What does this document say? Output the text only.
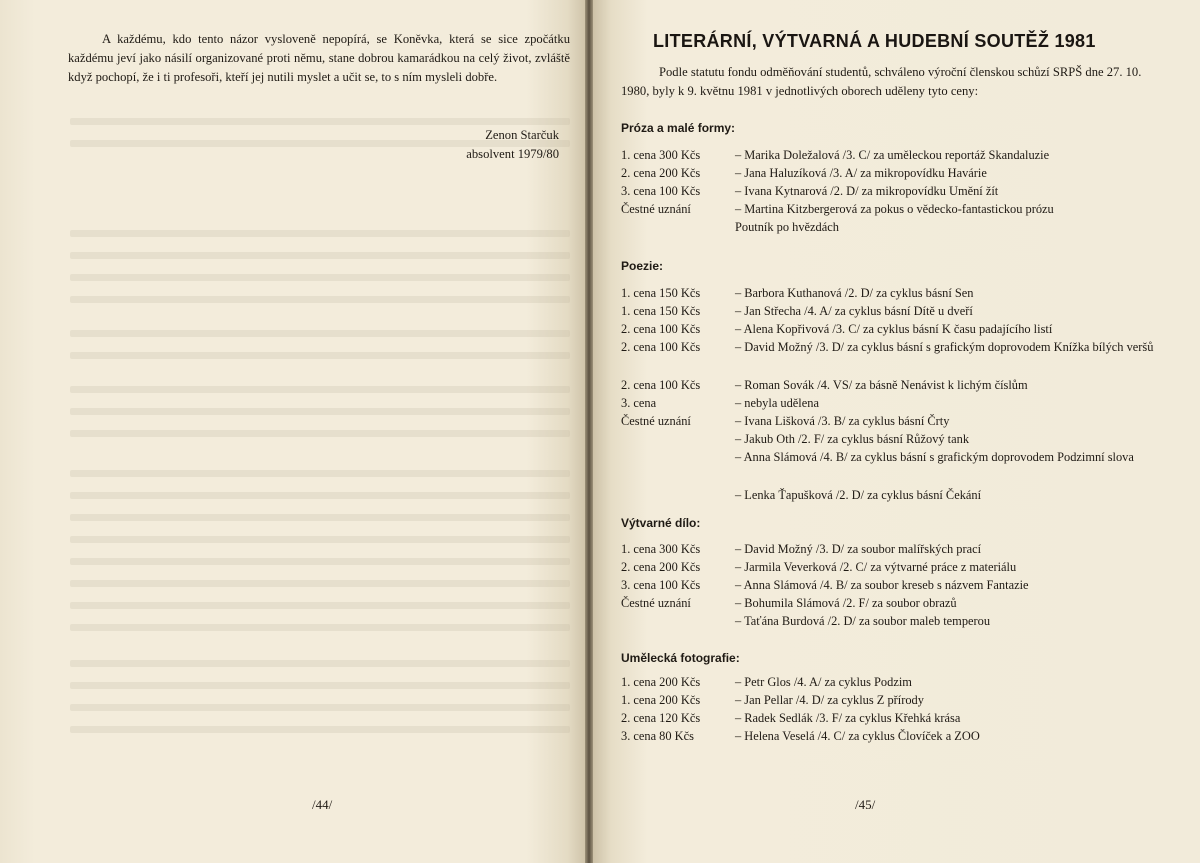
A každému, kdo tento názor vysloveně nepopírá, se Koněvka, která se sice zpočátku každému jeví jako násilí organizované proti němu, stane dobrou kamarádkou na celý život, zvláště když pochopí, že i ti profesoři, kteří jej nutili myslet a učit se, to s ním mysleli dobře.

Zenon Starčuk
absolvent 1979/80
/44/
LITERÁRNÍ, VÝTVARNÁ A HUDEBNÍ SOUTĚŽ 1981

Podle statutu fondu odměňování studentů, schváleno výroční členskou schůzí SRPŠ dne 27. 10. 1980, byly k 9. květnu 1981 v jednotlivých oborech uděleny tyto ceny:

Próza a malé formy:
1. cena 300 Kčs	– Marika Doležalová /3. C/ za uměleckou reportáž Skandaluzie
2. cena 200 Kčs	– Jana Haluzíková /3. A/ za mikropovídku Havárie
3. cena 100 Kčs	– Ivana Kytnarová /2. D/ za mikropovídku Umění žít
Čestné uznání	– Martina Kitzbergerová za pokus o vědecko-fantastickou prózu Poutník po hvězdách
Poezie:
1. cena 150 Kčs	– Barbora Kuthanová /2. D/ za cyklus básní Sen
1. cena 150 Kčs	– Jan Střecha /4. A/ za cyklus básní Dítě u dveří
2. cena 100 Kčs	– Alena Kopřivová /3. C/ za cyklus básní K času padajícího listí
2. cena 100 Kčs	– David Možný /3. D/ za cyklus básní s grafickým doprovodem Knížka bílých veršů
2. cena 100 Kčs	– Roman Sovák /4. VS/ za básně Nenávist k lichým číslům
3. cena	– nebyla udělena
Čestné uznání	– Ivana Lišková /3. B/ za cyklus básní Črty
– Jakub Oth /2. F/ za cyklus básní Růžový tank
– Anna Slámová /4. B/ za cyklus básní s grafickým doprovodem Podzimní slova
– Lenka Ťapušková /2. D/ za cyklus básní Čekání
Výtvarné dílo:
1. cena 300 Kčs	– David Možný /3. D/ za soubor malířských prací
2. cena 200 Kčs	– Jarmila Veverková /2. C/ za výtvarné práce z materiálu
3. cena 100 Kčs	– Anna Slámová /4. B/ za soubor kreseb s názvem Fantazie
Čestné uznání	– Bohumila Slámová /2. F/ za soubor obrazů
– Taťána Burdová /2. D/ za soubor maleb temperou
Umělecká fotografie:
1. cena 200 Kčs	– Petr Glos /4. A/ za cyklus Podzim
1. cena 200 Kčs	– Jan Pellar /4. D/ za cyklus Z přírody
2. cena 120 Kčs	– Radek Sedlák /3. F/ za cyklus Křehká krása
3. cena 80 Kčs	– Helena Veselá /4. C/ za cyklus Človíček a ZOO
/45/
